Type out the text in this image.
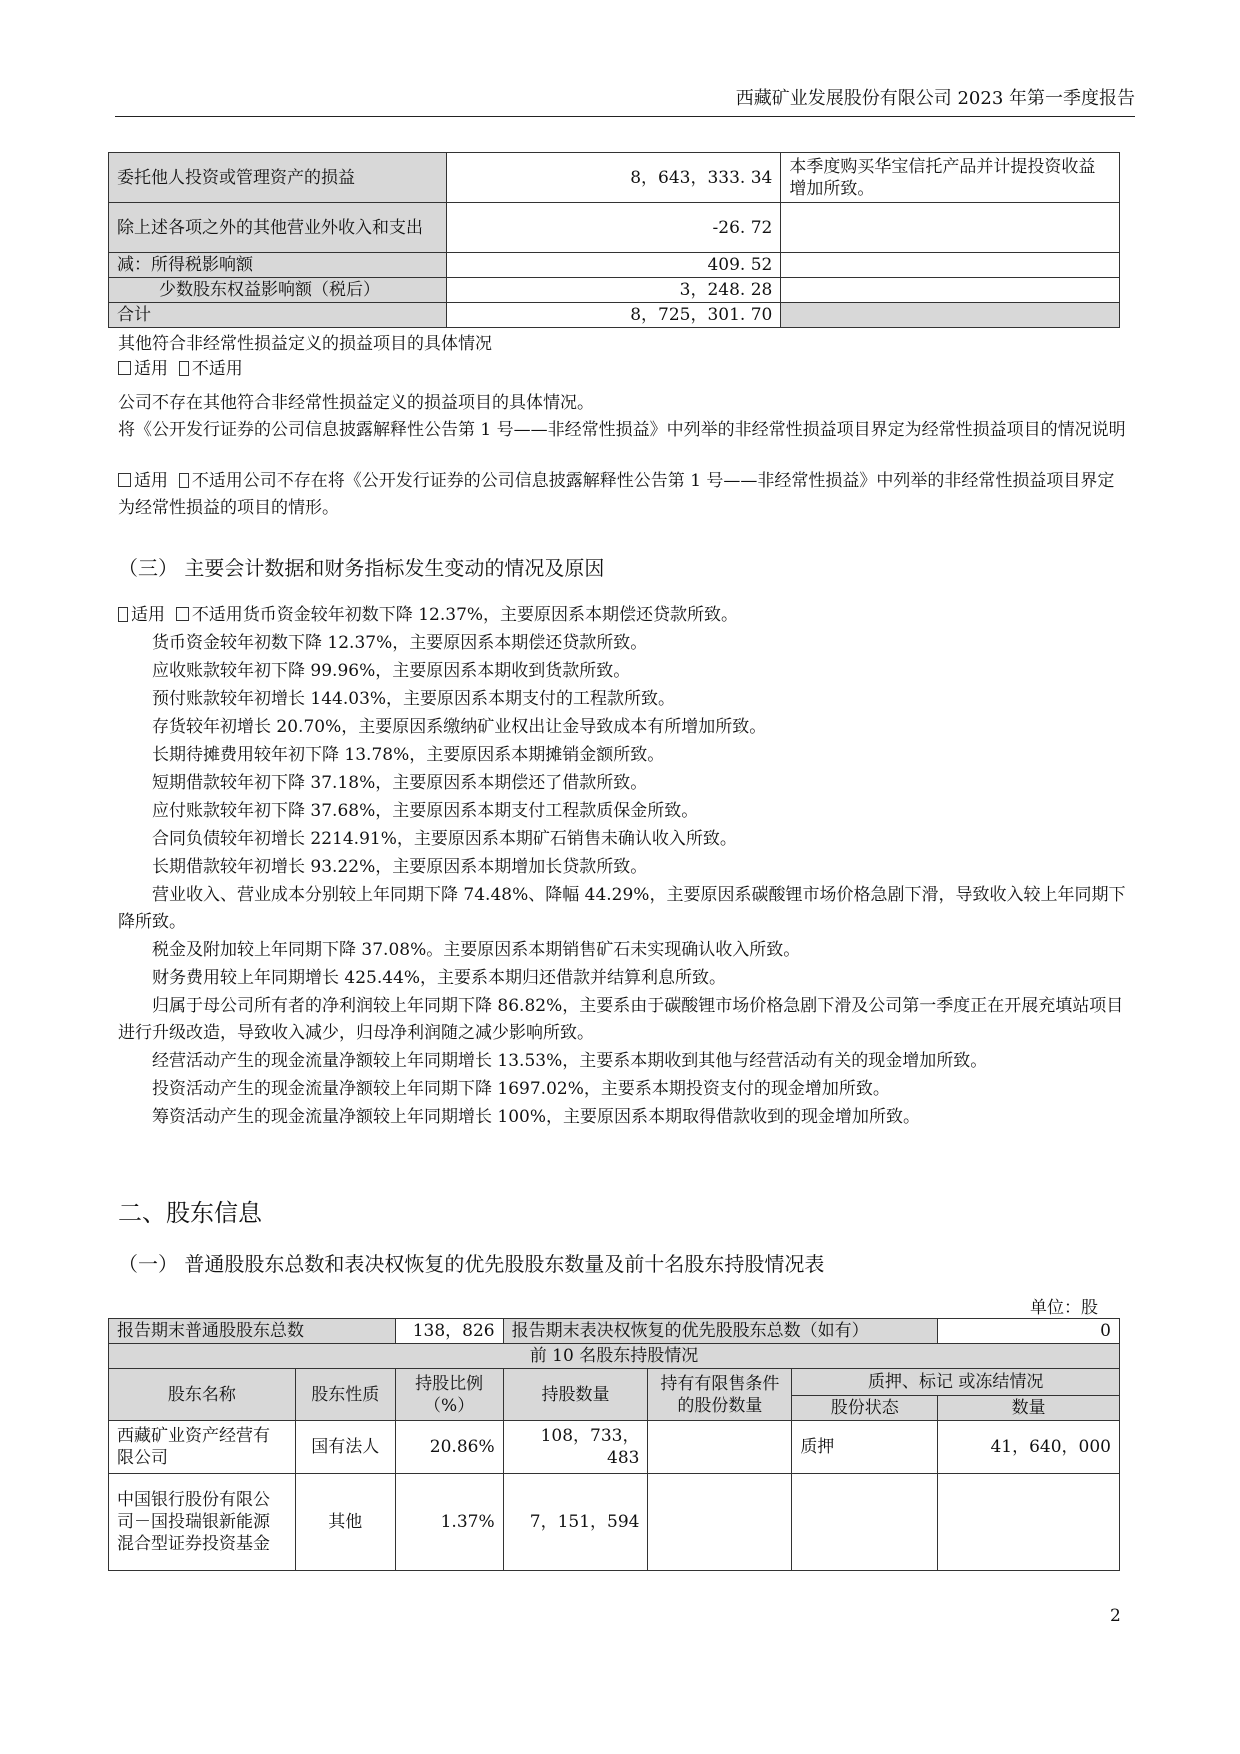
西藏矿业发展股份有限公司 2023 年第一季度报告
委托他人投资或管理资产的损益	8，643，333. 34	本季度购买华宝信托产品并计提投资收益增加所致。
除上述各项之外的其他营业外收入和支出	-26. 72	
减：所得税影响额	409. 52	
少数股东权益影响额（税后）	3，248. 28	
合计	8，725，301. 70	

其他符合非经常性损益定义的损益项目的具体情况

适用 不适用

公司不存在其他符合非经常性损益定义的损益项目的具体情况。

将《公开发行证券的公司信息披露解释性公告第 1 号——非经常性损益》中列举的非经常性损益项目界定为经常性损益项目的情况说明

适用 不适用公司不存在将《公开发行证券的公司信息披露解释性公告第 1 号——非经常性损益》中列举的非经常性损益项目界定为经常性损益的项目的情形。

（三） 主要会计数据和财务指标发生变动的情况及原因

适用 不适用货币资金较年初数下降 12.37%，主要原因系本期偿还贷款所致。

货币资金较年初数下降 12.37%，主要原因系本期偿还贷款所致。

应收账款较年初下降 99.96%，主要原因系本期收到货款所致。

预付账款较年初增长 144.03%，主要原因系本期支付的工程款所致。

存货较年初增长 20.70%，主要原因系缴纳矿业权出让金导致成本有所增加所致。

长期待摊费用较年初下降 13.78%，主要原因系本期摊销金额所致。

短期借款较年初下降 37.18%，主要原因系本期偿还了借款所致。

应付账款较年初下降 37.68%，主要原因系本期支付工程款质保金所致。

合同负债较年初增长 2214.91%，主要原因系本期矿石销售未确认收入所致。

长期借款较年初增长 93.22%，主要原因系本期增加长贷款所致。

营业收入、营业成本分别较上年同期下降 74.48%、降幅 44.29%，主要原因系碳酸锂市场价格急剧下滑，导致收入较上年同期下降所致。

税金及附加较上年同期下降 37.08%。主要原因系本期销售矿石未实现确认收入所致。

财务费用较上年同期增长 425.44%，主要系本期归还借款并结算利息所致。

归属于母公司所有者的净利润较上年同期下降 86.82%，主要系由于碳酸锂市场价格急剧下滑及公司第一季度正在开展充填站项目进行升级改造，导致收入减少，归母净利润随之减少影响所致。

经营活动产生的现金流量净额较上年同期增长 13.53%，主要系本期收到其他与经营活动有关的现金增加所致。

投资活动产生的现金流量净额较上年同期下降 1697.02%，主要系本期投资支付的现金增加所致。

筹资活动产生的现金流量净额较上年同期增长 100%，主要原因系本期取得借款收到的现金增加所致。

二、股东信息
（一） 普通股股东总数和表决权恢复的优先股股东数量及前十名股东持股情况表
单位：股
报告期末普通股股东总数		138，826	报告期末表决权恢复的优先股股东总数（如有）			0
前 10 名股东持股情况						
股东名称	股东性质	持股比例（%）	持股数量	持有有限售条件的股份数量	质押、标记 或冻结情况	
					股份状态	数量
西藏矿业资产经营有限公司	国有法人	20.86%	108，733，483		质押	41，640，000
中国银行股份有限公司－国投瑞银新能源混合型证券投资基金	其他	1.37%	7，151，594			
2
